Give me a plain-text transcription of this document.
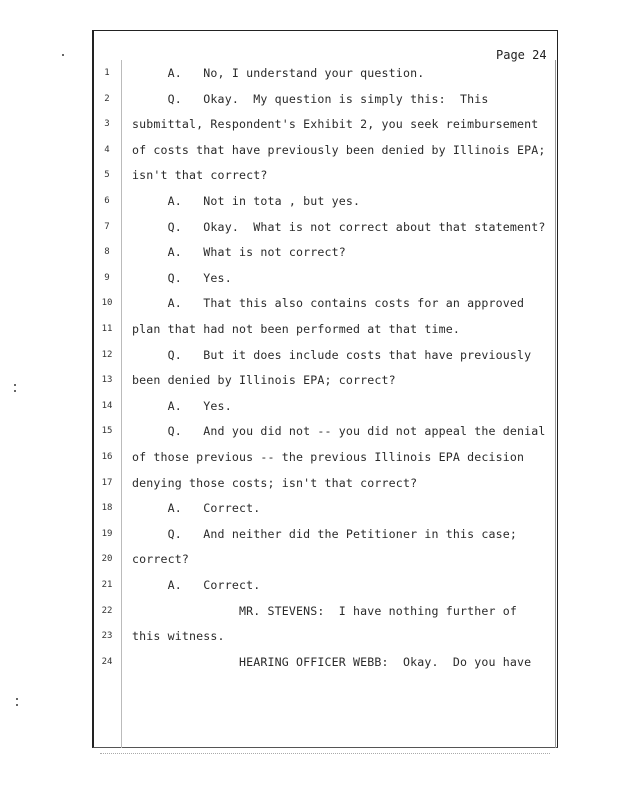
Page 24
1	A.   No, I understand your question.
2	Q.   Okay.  My question is simply this:  This
3	submittal, Respondent's Exhibit 2, you seek reimbursement
4	of costs that have previously been denied by Illinois EPA;
5	isn't that correct?
6	A.   Not in tota , but yes.
7	Q.   Okay.  What is not correct about that statement?
8	A.   What is not correct?
9	Q.   Yes.
10	A.   That this also contains costs for an approved
11	plan that had not been performed at that time.
12	Q.   But it does include costs that have previously
13	been denied by Illinois EPA; correct?
14	A.   Yes.
15	Q.   And you did not -- you did not appeal the denial
16	of those previous -- the previous Illinois EPA decision
17	denying those costs; isn't that correct?
18	A.   Correct.
19	Q.   And neither did the Petitioner in this case;
20	correct?
21	A.   Correct.
22	MR. STEVENS:  I have nothing further of
23	this witness.
24	HEARING OFFICER WEBB:  Okay.  Do you have
